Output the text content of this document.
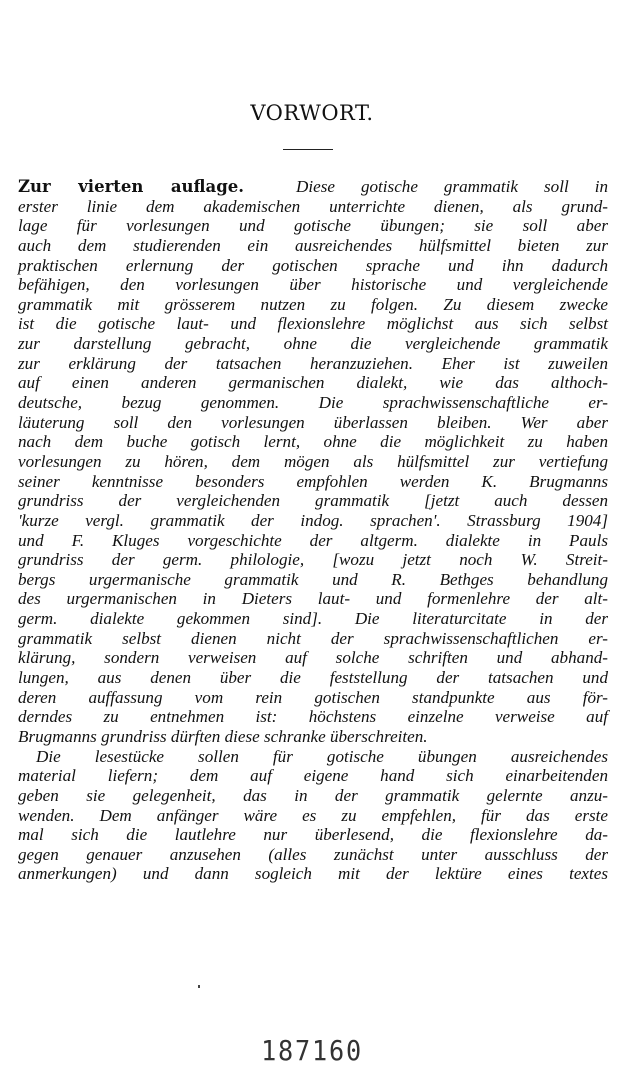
VORWORT.
Zur vierten auflage.	Diese gotische grammatik soll in
erster linie dem akademischen unterrichte dienen, als grund-
lage für vorlesungen und gotische übungen; sie soll aber
auch dem studierenden ein ausreichendes hülfsmittel bieten zur
praktischen erlernung der gotischen sprache und ihn dadurch
befähigen, den vorlesungen über historische und vergleichende
grammatik mit grösserem nutzen zu folgen. Zu diesem zwecke
ist die gotische laut- und flexionslehre möglichst aus sich selbst
zur darstellung gebracht, ohne die vergleichende grammatik
zur erklärung der tatsachen heranzuziehen. Eher ist zuweilen
auf einen anderen germanischen dialekt, wie das althoch-
deutsche, bezug genommen. Die sprachwissenschaftliche er-
läuterung soll den vorlesungen überlassen bleiben. Wer aber
nach dem buche gotisch lernt, ohne die möglichkeit zu haben
vorlesungen zu hören, dem mögen als hülfsmittel zur vertiefung
seiner kenntnisse besonders empfohlen werden K. Brugmanns
grundriss der vergleichenden grammatik [jetzt auch dessen
'kurze vergl. grammatik der indog. sprachen'. Strassburg 1904]
und F. Kluges vorgeschichte der altgerm. dialekte in Pauls
grundriss der germ. philologie, [wozu jetzt noch W. Streit-
bergs urgermanische grammatik und R. Bethges behandlung
des urgermanischen in Dieters laut- und formenlehre der alt-
germ. dialekte gekommen sind]. Die literaturcitate in der
grammatik selbst dienen nicht der sprachwissenschaftlichen er-
klärung, sondern verweisen auf solche schriften und abhand-
lungen, aus denen über die feststellung der tatsachen und
deren auffassung vom rein gotischen standpunkte aus för-
derndes zu entnehmen ist: höchstens einzelne verweise auf
Brugmanns grundriss dürften diese schranke überschreiten.
Die lesestücke sollen für gotische übungen ausreichendes
material liefern; dem auf eigene hand sich einarbeitenden
geben sie gelegenheit, das in der grammatik gelernte anzu-
wenden. Dem anfänger wäre es zu empfehlen, für das erste
mal sich die lautlehre nur überlesend, die flexionslehre da-
gegen genauer anzusehen (alles zunächst unter ausschluss der
anmerkungen) und dann sogleich mit der lektüre eines textes
187160
